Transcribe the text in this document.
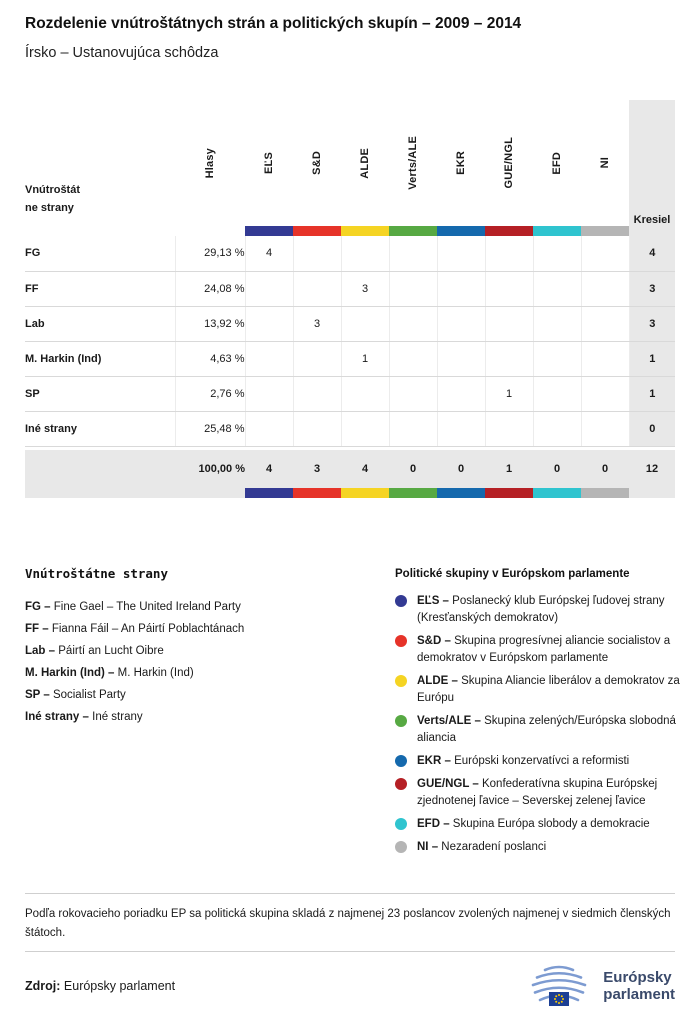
Rozdelenie vnútroštátnych strán a politických skupín – 2009 – 2014
Írsko – Ustanovujúca schôdza
Vnútroštátne strany	Hlasy	EĽS	S&D	ALDE	Verts/ALE	EKR	GUE/NGL	EFD	NI	Kresiel

FG	29,13 %	4								4
FF	24,08 %			3						3
Lab	13,92 %		3							3
M. Harkin (Ind)	4,63 %			1						1
SP	2,76 %						1			1
Iné strany	25,48 %									0

	100,00 %	4	3	4	0	0	1	0	0	12

Vnútroštátne strany
FG – Fine Gael – The United Ireland Party
FF – Fianna Fáil – An Páirtí Poblachtánach
Lab – Páirtí an Lucht Oibre
M. Harkin (Ind) – M. Harkin (Ind)
SP – Socialist Party
Iné strany – Iné strany
Politické skupiny v Európskom parlamente
EĽS – Poslanecký klub Európskej ľudovej strany (Kresťanských demokratov)
S&D – Skupina progresívnej aliancie socialistov a demokratov v Európskom parlamente
ALDE – Skupina Aliancie liberálov a demokratov za Európu
Verts/ALE – Skupina zelených/Európska slobodná aliancia
EKR – Európski konzervatívci a reformisti
GUE/NGL – Konfederatívna skupina Európskej zjednotenej ľavice – Severskej zelenej ľavice
EFD – Skupina Európa slobody a demokracie
NI – Nezaradení poslanci
Podľa rokovacieho poriadku EP sa politická skupina skladá z najmenej 23 poslancov zvolených najmenej v siedmich členských štátoch.
Zdroj: Európsky parlament	Európsky
parlament
